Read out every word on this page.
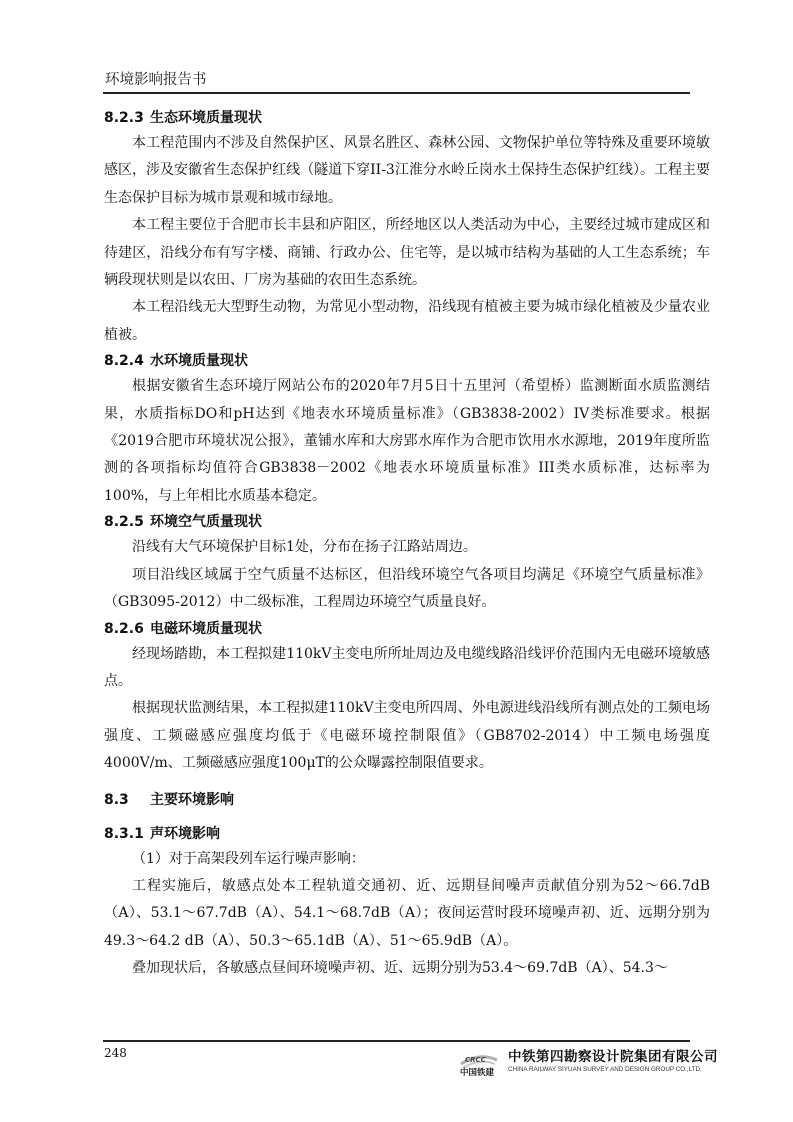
环境影响报告书
8.2.3 生态环境质量现状

本工程范围内不涉及自然保护区、风景名胜区、森林公园、文物保护单位等特殊及重要环境敏感区，涉及安徽省生态保护红线（隧道下穿II-3江淮分水岭丘岗水土保持生态保护红线）。工程主要生态保护目标为城市景观和城市绿地。

本工程主要位于合肥市长丰县和庐阳区，所经地区以人类活动为中心，主要经过城市建成区和待建区，沿线分布有写字楼、商铺、行政办公、住宅等，是以城市结构为基础的人工生态系统；车辆段现状则是以农田、厂房为基础的农田生态系统。

本工程沿线无大型野生动物，为常见小型动物，沿线现有植被主要为城市绿化植被及少量农业植被。

8.2.4 水环境质量现状

根据安徽省生态环境厅网站公布的2020年7月5日十五里河（希望桥）监测断面水质监测结果，水质指标DO和pH达到《地表水环境质量标准》（GB3838-2002）IV类标准要求。根据《2019合肥市环境状况公报》，董铺水库和大房郢水库作为合肥市饮用水水源地，2019年度所监测的各项指标均值符合GB3838－2002《地表水环境质量标准》III类水质标准，达标率为100%，与上年相比水质基本稳定。

8.2.5 环境空气质量现状

沿线有大气环境保护目标1处，分布在扬子江路站周边。

项目沿线区域属于空气质量不达标区，但沿线环境空气各项目均满足《环境空气质量标准》（GB3095-2012）中二级标准，工程周边环境空气质量良好。

8.2.6 电磁环境质量现状

经现场踏勘，本工程拟建110kV主变电所所址周边及电缆线路沿线评价范围内无电磁环境敏感点。

根据现状监测结果，本工程拟建110kV主变电所四周、外电源进线沿线所有测点处的工频电场强度、工频磁感应强度均低于《电磁环境控制限值》（GB8702-2014）中工频电场强度4000V/m、工频磁感应强度100μT的公众曝露控制限值要求。

8.3 主要环境影响
8.3.1 声环境影响

（1）对于高架段列车运行噪声影响：

工程实施后，敏感点处本工程轨道交通初、近、远期昼间噪声贡献值分别为52～66.7dB（A）、53.1～67.7dB（A）、54.1～68.7dB（A）；夜间运营时段环境噪声初、近、远期分别为49.3～64.2 dB（A）、50.3～65.1dB（A）、51～65.9dB（A）。

叠加现状后，各敏感点昼间环境噪声初、近、远期分别为53.4～69.7dB（A）、54.3～

248	CRCC
中国铁建
中铁第四勘察设计院集团有限公司
CHINA RAILWAY SIYUAN SURVEY AND DESIGN GROUP CO.,LTD.
